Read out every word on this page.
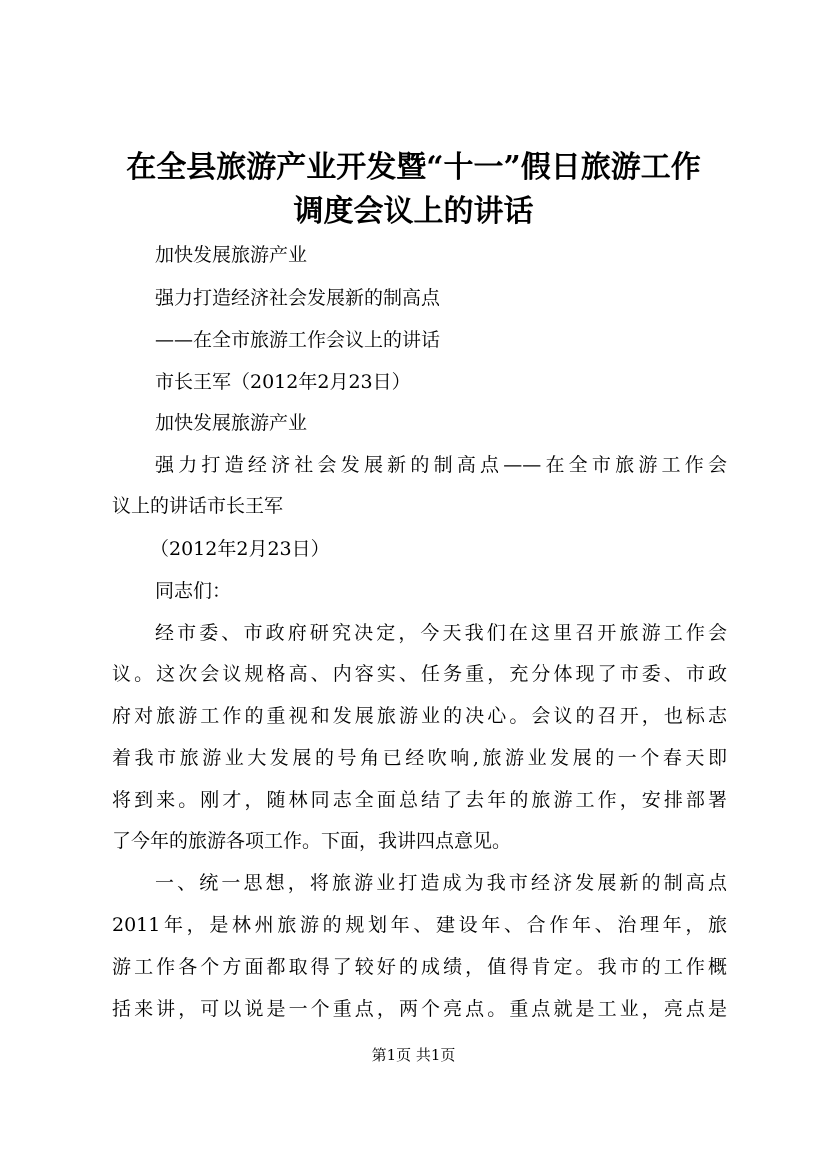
在全县旅游产业开发暨“十一”假日旅游工作
调度会议上的讲话
加快发展旅游产业
强力打造经济社会发展新的制高点
——在全市旅游工作会议上的讲话
市长王军（2012年2月23日）
加快发展旅游产业
强力打造经济社会发展新的制高点——在全市旅游工作会
议上的讲话市长王军
（2012年2月23日）
同志们：
经市委、市政府研究决定，今天我们在这里召开旅游工作会
议。这次会议规格高、内容实、任务重，充分体现了市委、市政
府对旅游工作的重视和发展旅游业的决心。会议的召开，也标志
着我市旅游业大发展的号角已经吹响,旅游业发展的一个春天即
将到来。刚才，随林同志全面总结了去年的旅游工作，安排部署
了今年的旅游各项工作。下面，我讲四点意见。
一、统一思想，将旅游业打造成为我市经济发展新的制高点
2011年，是林州旅游的规划年、建设年、合作年、治理年，旅
游工作各个方面都取得了较好的成绩，值得肯定。我市的工作概
括来讲，可以说是一个重点，两个亮点。重点就是工业，亮点是
第1页 共1页
